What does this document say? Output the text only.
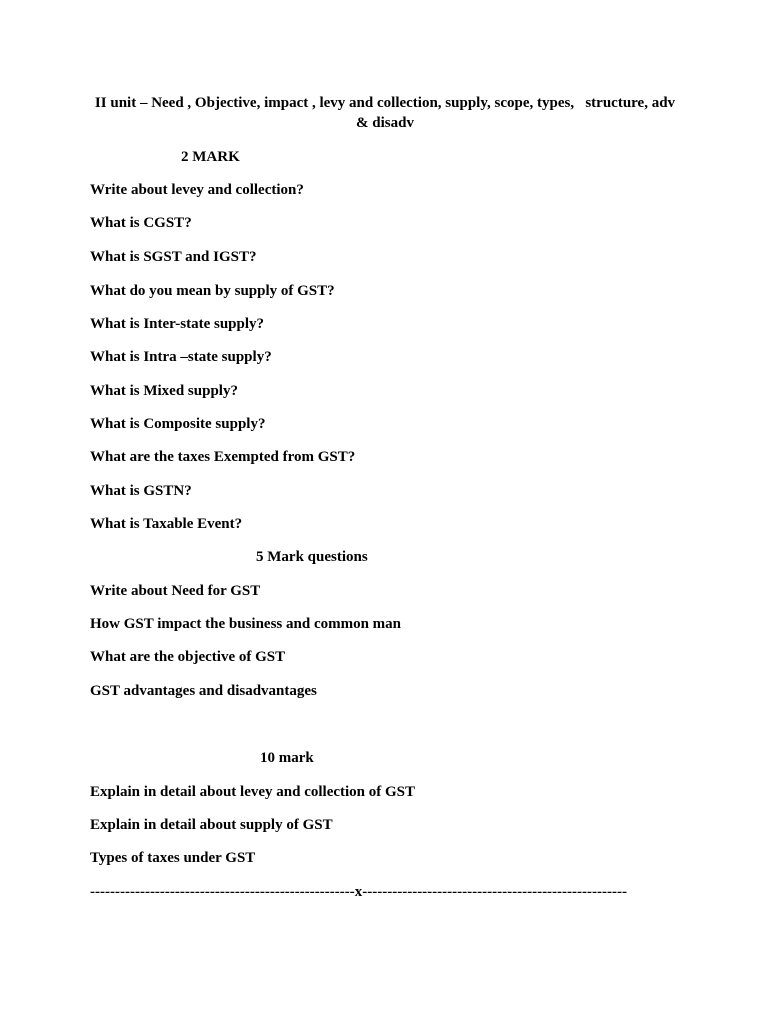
II unit – Need , Objective, impact , levy and collection, supply, scope, types,   structure, adv & disadv
2 MARK
Write about levey and collection?
What is CGST?
What is SGST and IGST?
What do you mean by supply of GST?
What is Inter-state supply?
What is Intra –state supply?
What is Mixed supply?
What is Composite supply?
What are the taxes Exempted from GST?
What is GSTN?
What is Taxable Event?
5 Mark questions
Write about Need for GST
How GST impact the business and common man
What are the objective of GST
GST advantages and disadvantages
10 mark
Explain in detail about levey and collection of GST
Explain in detail about supply of GST
Types of taxes under GST
-----------------------------------------------------x-----------------------------------------------------
